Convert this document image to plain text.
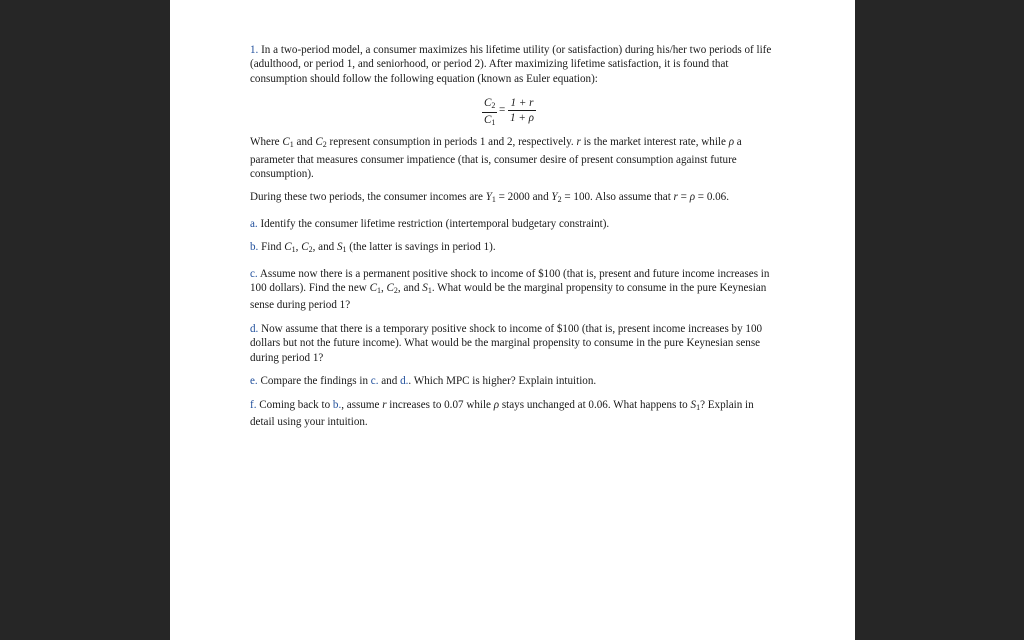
1. In a two-period model, a consumer maximizes his lifetime utility (or satisfaction) during his/her two periods of life (adulthood, or period 1, and seniorhood, or period 2). After maximizing lifetime satisfaction, it is found that consumption should follow the following equation (known as Euler equation):

$\frac{C_2}{C_1} = \frac{1 + r}{1 + \rho}$

Where $C_1$ and $C_2$ represent consumption in periods 1 and 2, respectively. r is the market interest rate, while ρ a parameter that measures consumer impatience (that is, consumer desire of present consumption against future consumption).

During these two periods, the consumer incomes are $Y_1 = 2000$ and $Y_2 = 100$. Also assume that r = ρ = 0.06.

a. Identify the consumer lifetime restriction (intertemporal budgetary constraint).

b. Find $C_1$, $C_2$, and $S_1$ (the latter is savings in period 1).

c. Assume now there is a permanent positive shock to income of $100 (that is, present and future income increases in 100 dollars). Find the new $C_1$, $C_2$, and $S_1$. What would be the marginal propensity to consume in the pure Keynesian sense during period 1?

d. Now assume that there is a temporary positive shock to income of $100 (that is, present income increases by 100 dollars but not the future income). What would be the marginal propensity to consume in the pure Keynesian sense during period 1?

e. Compare the findings in c. and d.. Which MPC is higher? Explain intuition.

f. Coming back to b., assume r increases to 0.07 while ρ stays unchanged at 0.06. What happens to $S_1$? Explain in detail using your intuition.
